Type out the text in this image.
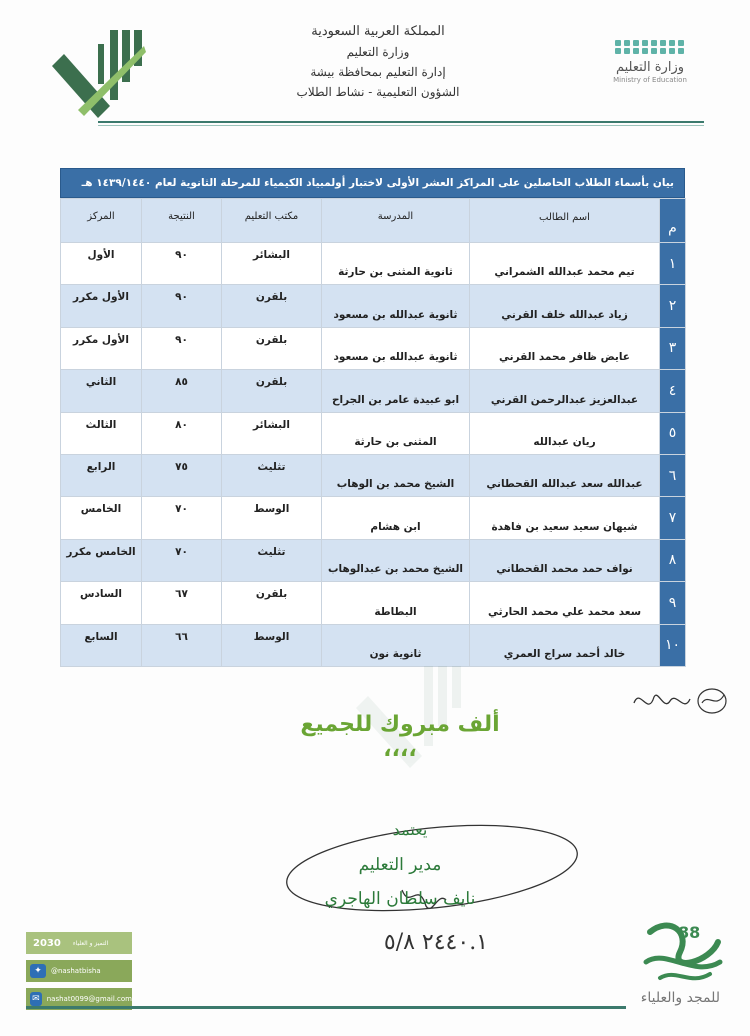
المملكة العربية السعودية
وزارة التعليم
إدارة التعليم بمحافظة بيشة
الشؤون التعليمية - نشاط الطلاب
وزارة التعليم
Ministry of Education
بيان بأسماء الطلاب الحاصلين على المراكز العشر الأولى لاختبار أولمبياد الكيمياء للمرحلة الثانوية لعام ١٤٣٩/١٤٤٠ هـ
م	اسم الطالب	المدرسة	مكتب التعليم	النتيجة	المركز
١	تيم محمد عبدالله الشمراني	ثانوية المثنى بن حارثة	البشائر	٩٠	الأول
٢	زياد عبدالله خلف القرني	ثانوية عبدالله بن مسعود	بلقرن	٩٠	الأول مكرر
٣	عايض ظافر محمد القرني	ثانوية عبدالله بن مسعود	بلقرن	٩٠	الأول مكرر
٤	عبدالعزيز عبدالرحمن القرني	ابو عبيدة عامر بن الجراح	بلقرن	٨٥	الثاني
٥	ريان عبدالله	المثنى بن حارثة	البشائر	٨٠	الثالث
٦	عبدالله سعد عبدالله القحطاني	الشيخ محمد بن الوهاب	تثليث	٧٥	الرابع
٧	شيهان سعيد سعيد بن فاهدة	ابن هشام	الوسط	٧٠	الخامس
٨	نواف حمد محمد القحطاني	الشيخ محمد بن عبدالوهاب	تثليث	٧٠	الخامس مكرر
٩	سعد محمد علي محمد الحارثي	البطاطة	بلقرن	٦٧	السادس
١٠	خالد أحمد سراج العمري	ثانوية نون	الوسط	٦٦	السابع
ألف مبروك للجميع ،،،،
يعتمد
مدير التعليم
نايف سلطان الهاجري
٢٤٤٠.١ ٥/٨
2030 التميز و العلياء
✦	@nashatbisha
✉ nashat0099@gmail.com
88
للمجد والعلياء
